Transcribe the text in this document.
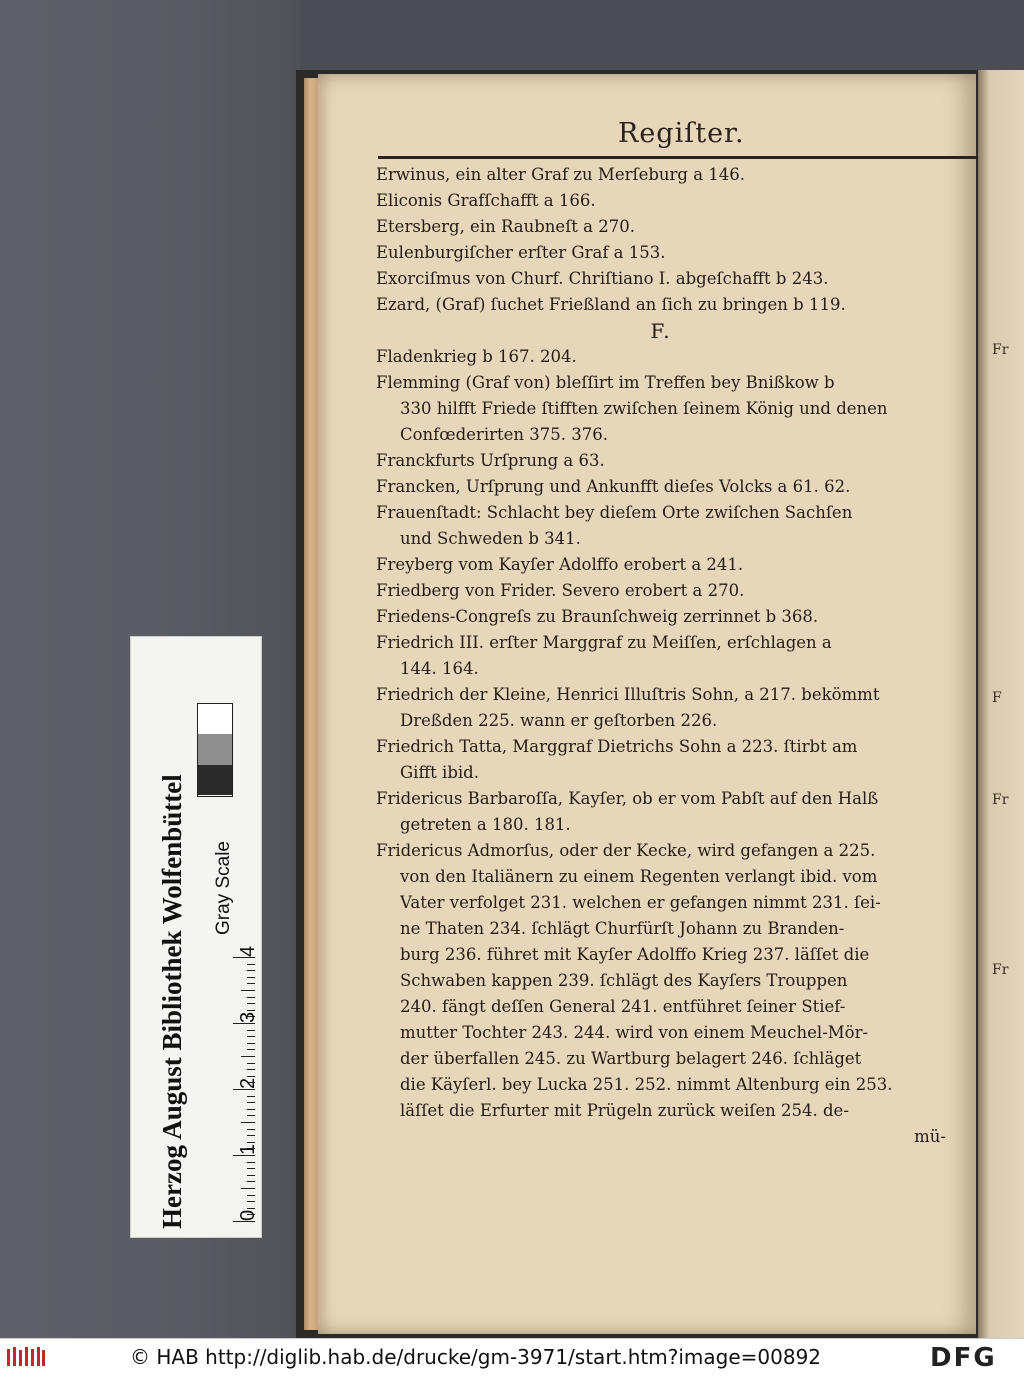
Regiſter.

Erwinus, ein alter Graf zu Merſeburg a 146.

Eliconis Grafſchafft a 166.

Etersberg, ein Raubneſt a 270.

Eulenburgiſcher erſter Graf a 153.

Exorciſmus von Churf. Chriſtiano I. abgeſchafft b 243.

Ezard, (Graf) ſuchet Frießland an ſich zu bringen b 119.

F.

Fladenkrieg b 167. 204.

Flemming (Graf von) bleſſirt im Treffen bey Bnißkow b
330 hilfft Friede ſtifften zwiſchen ſeinem König und denen
Confœderirten 375. 376.

Franckfurts Urſprung a 63.

Francken, Urſprung und Ankunfft dieſes Volcks a 61. 62.

Frauenſtadt: Schlacht bey dieſem Orte zwiſchen Sachſen
und Schweden b 341.

Freyberg vom Kayſer Adolffo erobert a 241.

Friedberg von Frider. Severo erobert a 270.

Friedens-Congreſs zu Braunſchweig zerrinnet b 368.

Friedrich III. erſter Marggraf zu Meiſſen, erſchlagen a
144. 164.

Friedrich der Kleine, Henrici Illuſtris Sohn, a 217. bekömmt
Dreßden 225. wann er geſtorben 226.

Friedrich Tatta, Marggraf Dietrichs Sohn a 223. ſtirbt am
Gifft ibid.

Fridericus Barbaroſſa, Kayſer, ob er vom Pabſt auf den Halß
getreten a 180. 181.

Fridericus Admorſus, oder der Kecke, wird gefangen a 225.
von den Italiänern zu einem Regenten verlangt ibid. vom
Vater verfolget 231. welchen er gefangen nimmt 231. ſei-
ne Thaten 234. ſchlägt Churfürſt Johann zu Branden-
burg 236. führet mit Kayſer Adolffo Krieg 237. läſſet die
Schwaben kappen 239. ſchlägt des Kayſers Trouppen
240. fängt deſſen General 241. entführet ſeiner Stief-
mutter Tochter 243. 244. wird von einem Meuchel-Mör-
der überfallen 245. zu Wartburg belagert 246. ſchläget
die Käyſerl. bey Lucka 251. 252. nimmt Altenburg ein 253.
läſſet die Erfurter mit Prügeln zurück weiſen 254. de-

mü-

Fr
F
Fr
Fr
Herzog August Bibliothek Wolfenbüttel Gray Scale
0
1
2
3
4
© HAB http://diglib.hab.de/drucke/gm-3971/start.htm?image=00892	DFG
